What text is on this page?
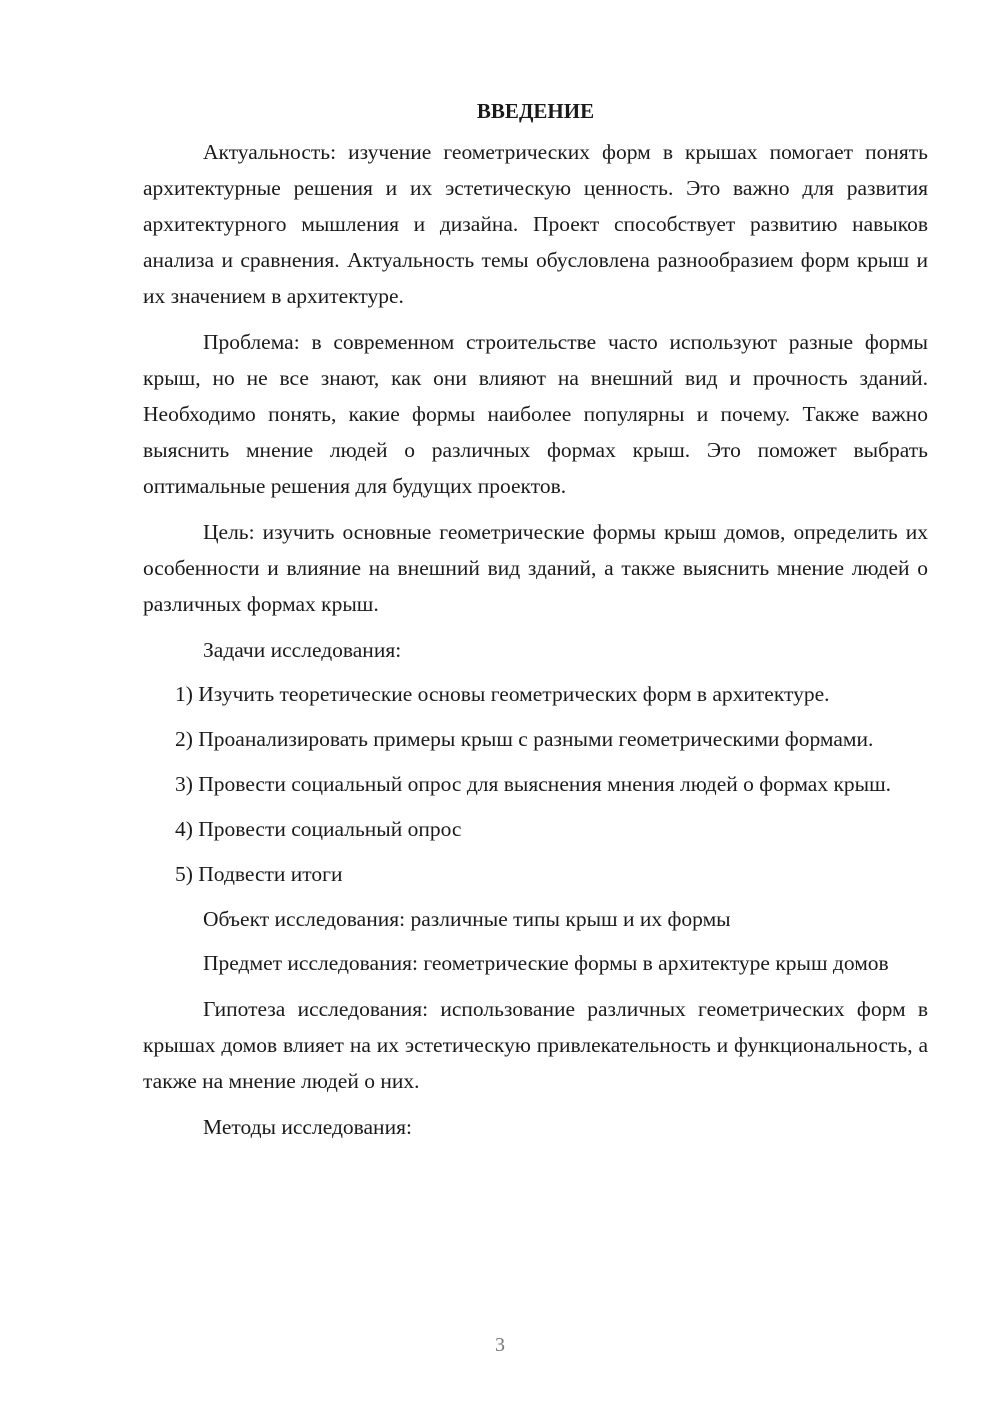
ВВЕДЕНИЕ

Актуальность: изучение геометрических форм в крышах помогает понять архитектурные решения и их эстетическую ценность. Это важно для развития архитектурного мышления и дизайна. Проект способствует развитию навыков анализа и сравнения. Актуальность темы обусловлена разнообразием форм крыш и их значением в архитектуре.

Проблема: в современном строительстве часто используют разные формы крыш, но не все знают, как они влияют на внешний вид и прочность зданий. Необходимо понять, какие формы наиболее популярны и почему. Также важно выяснить мнение людей о различных формах крыш. Это поможет выбрать оптимальные решения для будущих проектов.

Цель: изучить основные геометрические формы крыш домов, определить их особенности и влияние на внешний вид зданий, а также выяснить мнение людей о различных формах крыш.

Задачи исследования:

1) Изучить теоретические основы геометрических форм в архитектуре.

2) Проанализировать примеры крыш с разными геометрическими формами.

3) Провести социальный опрос для выяснения мнения людей о формах крыш.

4) Провести социальный опрос

5) Подвести итоги

Объект исследования: различные типы крыш и их формы

Предмет исследования: геометрические формы в архитектуре крыш домов

Гипотеза исследования: использование различных геометрических форм в крышах домов влияет на их эстетическую привлекательность и функциональность, а также на мнение людей о них.

Методы исследования:

3
